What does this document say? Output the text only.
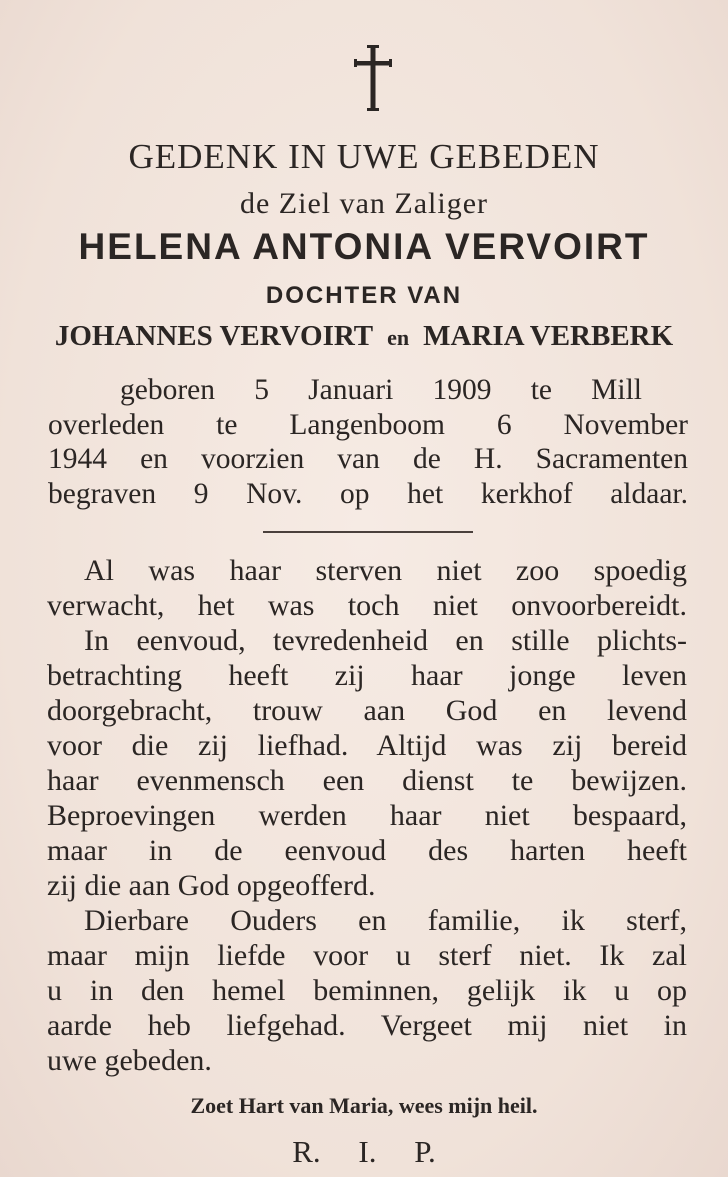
GEDENK IN UWE GEBEDEN
de Ziel van Zaliger
HELENA ANTONIA VERVOIRT
DOCHTER VAN
JOHANNES VERVOIRT en MARIA VERBERK
geboren 5 Januari 1909 te Mill
overleden te Langenboom 6 November
1944 en voorzien van de H. Sacramenten
begraven 9 Nov. op het kerkhof aldaar.
Al was haar sterven niet zoo spoedig
verwacht, het was toch niet onvoorbereidt.
In eenvoud, tevredenheid en stille plichts-
betrachting heeft zij haar jonge leven
doorgebracht, trouw aan God en levend
voor die zij liefhad. Altijd was zij bereid
haar evenmensch een dienst te bewijzen.
Beproevingen werden haar niet bespaard,
maar in de eenvoud des harten heeft
zij die aan God opgeofferd.
Dierbare Ouders en familie, ik sterf,
maar mijn liefde voor u sterf niet. Ik zal
u in den hemel beminnen, gelijk ik u op
aarde heb liefgehad. Vergeet mij niet in
uwe gebeden.
Zoet Hart van Maria, wees mijn heil.
R. I. P.
